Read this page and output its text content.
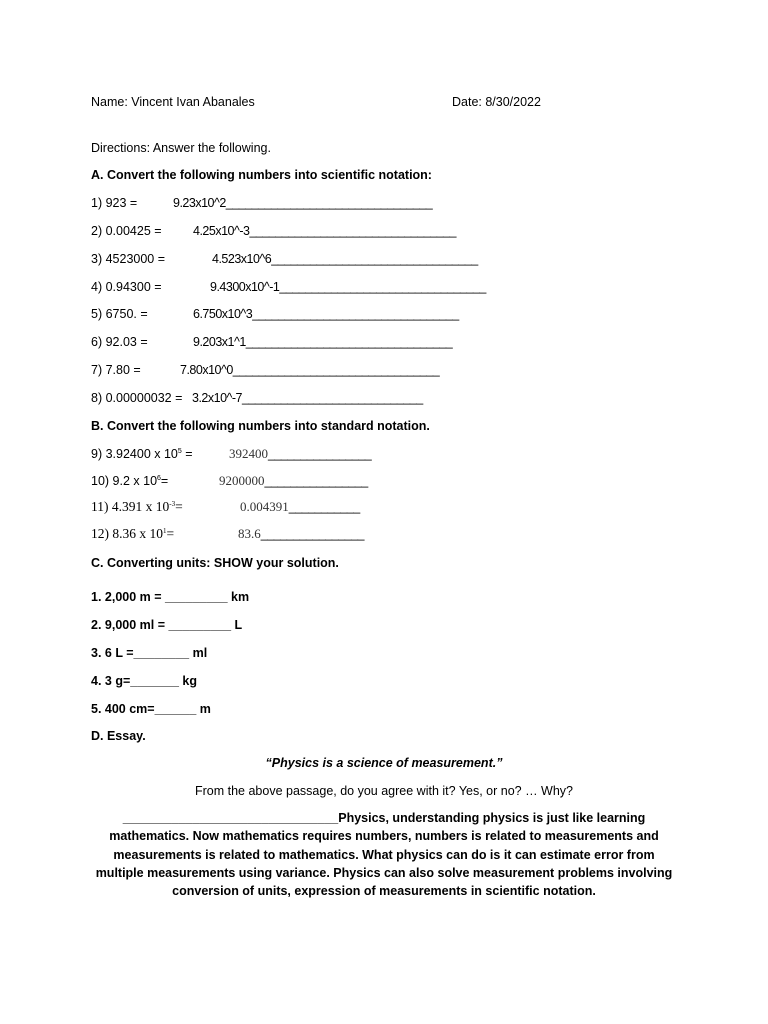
Name: Vincent Ivan Abanales	Date: 8/30/2022
Directions: Answer the following.
A. Convert the following numbers into scientific notation:
1) 923 =	9.23x10^2________________________________
2) 0.00425 =	4.25x10^-3________________________________
3) 4523000 =	4.523x10^6________________________________
4) 0.94300 =	9.4300x10^-1________________________________
5) 6750. =	6.750x10^3________________________________
6) 92.03 =	9.203x1^1________________________________
7) 7.80 =	7.80x10^0________________________________
8) 0.00000032 = 3.2x10^-7____________________________
B. Convert the following numbers into standard notation.
9) 3.92400 x $10^5$ =	392400________________
10) 9.2 x $10^6=$	9200000________________
11) 4.391 x $10^{-3}=$	0.004391___________
12) 8.36 x $10^1=$	83.6________________
C. Converting units: SHOW your solution.
1. 2,000 m = _________ km
2. 9,000 ml = _________ L
3. 6 L =________ ml
4. 3 g=_______ kg
5. 400 cm=______ m
D. Essay.
“Physics is a science of measurement.”
From the above passage, do you agree with it? Yes, or no? … Why?
_______________________________Physics, understanding physics is just like learning mathematics. Now mathematics requires numbers, numbers is related to measurements and measurements is related to mathematics. What physics can do is it can estimate error from multiple measurements using variance. Physics can also solve measurement problems involving conversion of units, expression of measurements in scientific notation.
